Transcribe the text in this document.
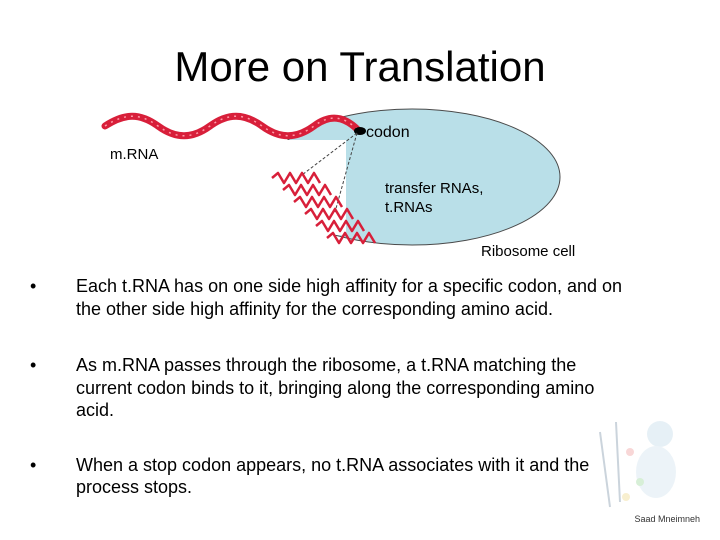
More on Translation
codon
m.RNA
transfer RNAs,
t.RNAs
Ribosome cell
• Each t.RNA has on one side high affinity for a specific codon, and on
the other side high affinity for the corresponding amino acid.
• As m.RNA passes through the ribosome, a t.RNA matching the
current codon binds to it, bringing along the corresponding amino
acid.
• When a stop codon appears, no t.RNA associates with it and the
process stops.
Saad Mneimneh
